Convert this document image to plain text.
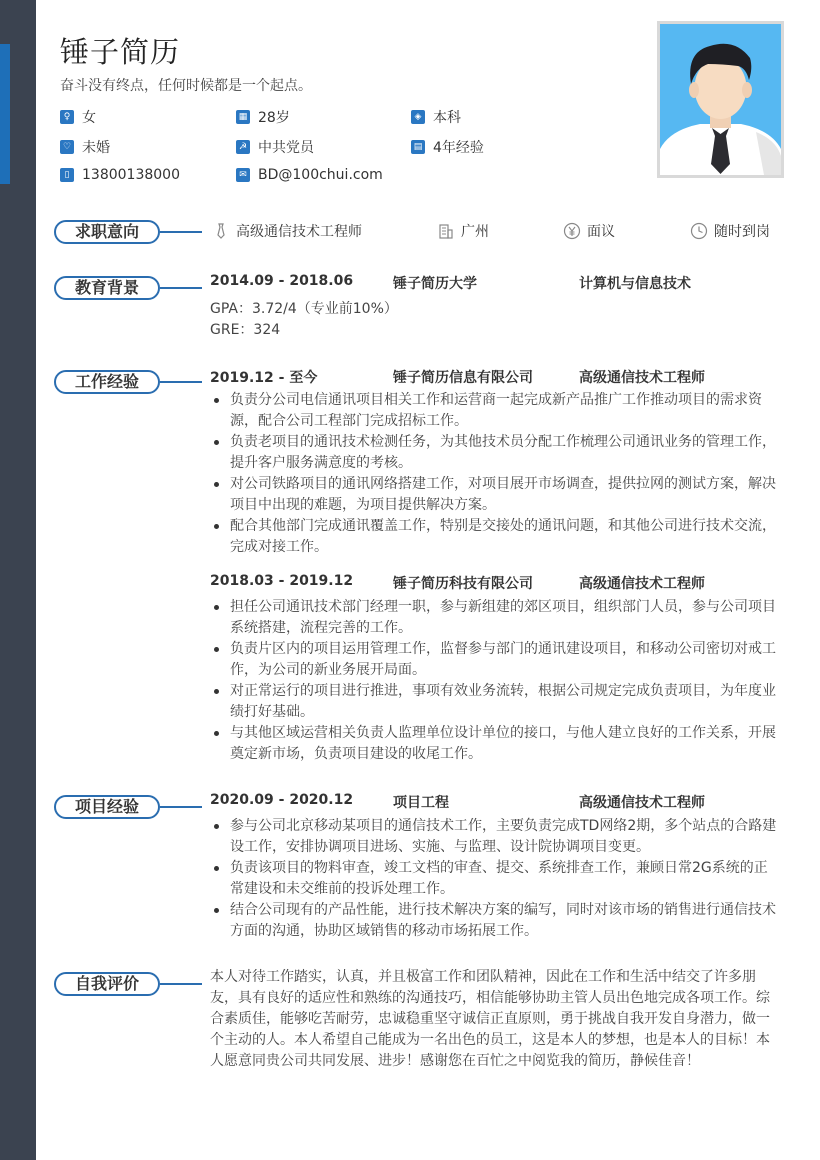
锤子简历
奋斗没有终点，任何时候都是一个起点。
♀ 女	▦ 28岁	◈ 本科
♡ 未婚	☭ 中共党员	▤ 4年经验
▯ 13800138000	✉ BD@100chui.com
求职意向	高级通信技术工程师	广州	面议	随时到岗
教育背景	2014.09 - 2018.06	锤子简历大学	计算机与信息技术
GPA：3.72/4（专业前10%）
GRE：324
工作经验	2019.12 - 至今	锤子简历信息有限公司	高级通信技术工程师
负责分公司电信通讯项目相关工作和运营商一起完成新产品推广工作推动项目的需求资源，配合公司工程部门完成招标工作。
负责老项目的通讯技术检测任务，为其他技术员分配工作梳理公司通讯业务的管理工作，提升客户服务满意度的考核。
对公司铁路项目的通讯网络搭建工作，对项目展开市场调查，提供拉网的测试方案，解决项目中出现的难题，为项目提供解决方案。
配合其他部门完成通讯覆盖工作，特别是交接处的通讯问题，和其他公司进行技术交流，完成对接工作。
2018.03 - 2019.12	锤子简历科技有限公司	高级通信技术工程师
担任公司通讯技术部门经理一职，参与新组建的郊区项目，组织部门人员，参与公司项目系统搭建，流程完善的工作。
负责片区内的项目运用管理工作，监督参与部门的通讯建设项目，和移动公司密切对戒工作，为公司的新业务展开局面。
对正常运行的项目进行推进，事项有效业务流转，根据公司规定完成负责项目，为年度业绩打好基础。
与其他区域运营相关负责人监理单位设计单位的接口，与他人建立良好的工作关系，开展奠定新市场，负责项目建设的收尾工作。
项目经验	2020.09 - 2020.12	项目工程	高级通信技术工程师
参与公司北京移动某项目的通信技术工作，主要负责完成TD网络2期，多个站点的合路建设工作，安排协调项目进场、实施、与监理、设计院协调项目变更。
负责该项目的物料审查，竣工文档的审查、提交、系统排查工作，兼顾日常2G系统的正常建设和未交维前的投诉处理工作。
结合公司现有的产品性能，进行技术解决方案的编写，同时对该市场的销售进行通信技术方面的沟通，协助区域销售的移动市场拓展工作。
自我评价	本人对待工作踏实，认真，并且极富工作和团队精神，因此在工作和生活中结交了许多朋友，具有良好的适应性和熟练的沟通技巧，相信能够协助主管人员出色地完成各项工作。综合素质佳，能够吃苦耐劳，忠诚稳重坚守诚信正直原则，勇于挑战自我开发自身潜力，做一个主动的人。本人希望自己能成为一名出色的员工，这是本人的梦想，也是本人的目标！本人愿意同贵公司共同发展、进步！感谢您在百忙之中阅览我的简历，静候佳音！
